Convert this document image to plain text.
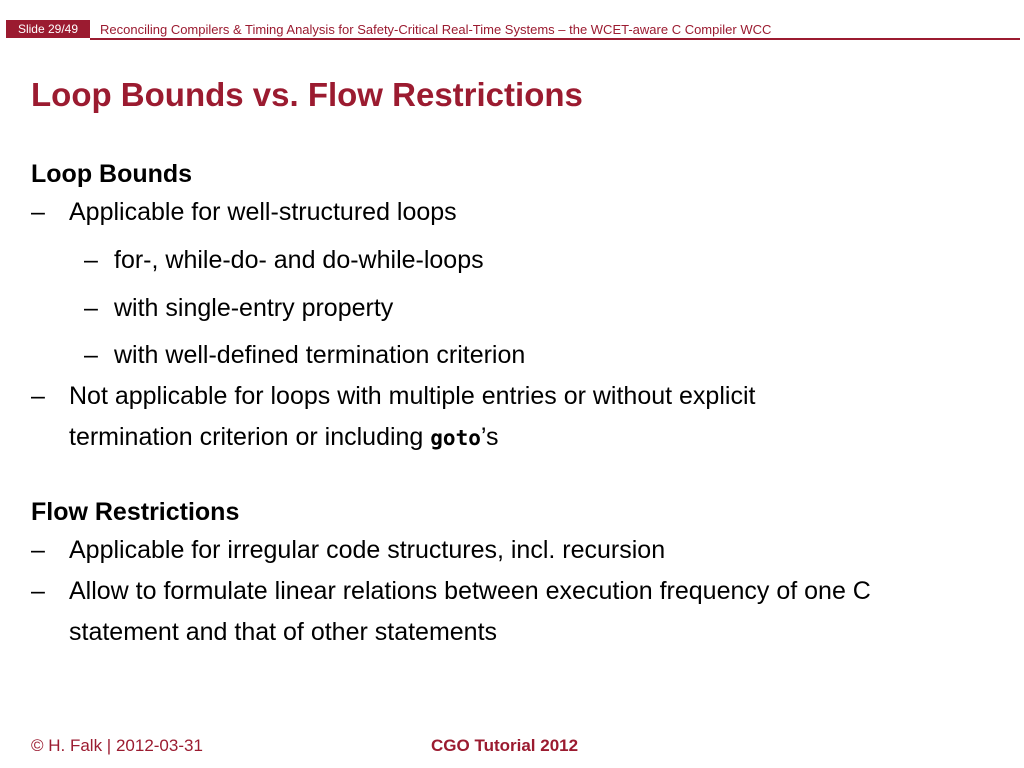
Slide 29/49	Reconciling Compilers & Timing Analysis for Safety-Critical Real-Time Systems – the WCET-aware C Compiler WCC
Loop Bounds vs. Flow Restrictions
Loop Bounds
– Applicable for well-structured loops
– for-, while-do- and do-while-loops
– with single-entry property
– with well-defined termination criterion
– Not applicable for loops with multiple entries or without explicit
termination criterion or including goto’s
Flow Restrictions
– Applicable for irregular code structures, incl. recursion
– Allow to formulate linear relations between execution frequency of one C
statement and that of other statements
© H. Falk | 2012-03-31	CGO Tutorial 2012
